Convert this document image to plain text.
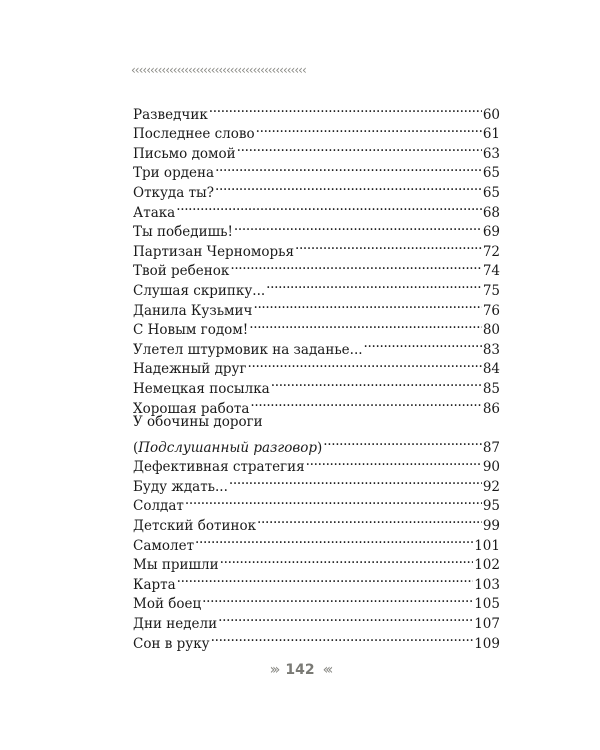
‹‹‹‹‹‹‹‹‹‹‹‹‹‹‹‹‹‹‹‹‹‹‹‹‹‹‹‹‹‹‹‹‹‹‹‹‹‹‹‹‹‹‹‹‹‹
Разведчик . . .	60
Последнее слово . . .	61
Письмо домой . . .	63
Три ордена . . .	65
Откуда ты? . . .	65
Атака . . .	68
Ты победишь! . . .	69
Партизан Черноморья . . .	72
Твой ребенок . . .	74
Слушая скрипку... . . .	75
Данила Кузьмич . . .	76
С Новым годом! . . .	80
Улетел штурмовик на заданье... . . .	83
Надежный друг . . .	84
Немецкая посылка . . .	85
Хорошая работа . . .	86
У обочины дороги
(Подслушанный разговор) . . .	87
Дефективная стратегия . . .	90
Буду ждать... . . .	92
Солдат . . .	95
Детский ботинок . . .	99
Самолет . . .	101
Мы пришли . . .	102
Карта . . .	103
Мой боец . . .	105
Дни недели . . .	107
Сон в руку . . .	109
››› 142 ‹‹‹
